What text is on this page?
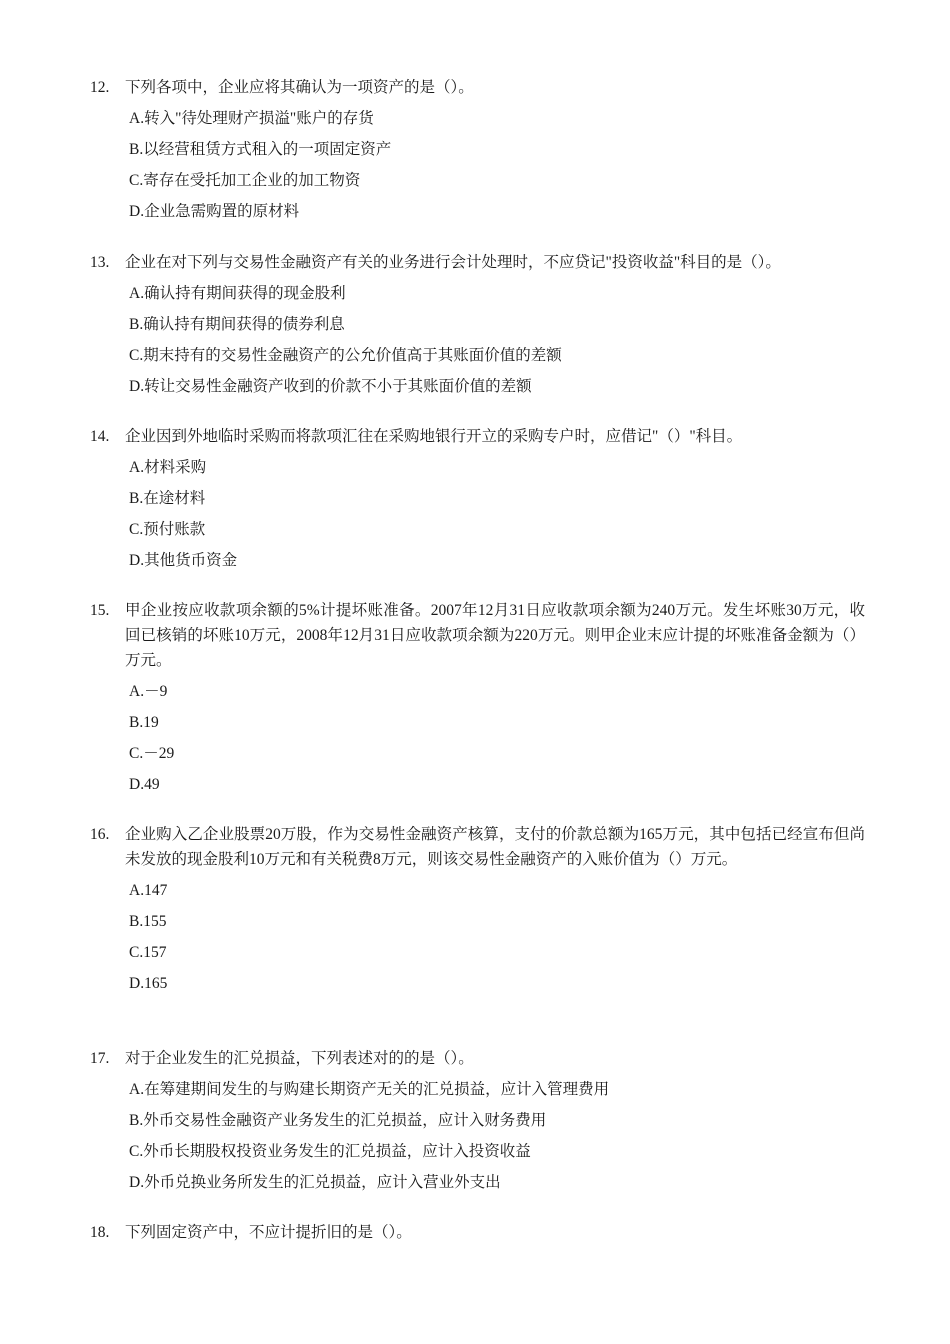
12.	下列各项中，企业应将其确认为一项资产的是（）。
A.转入"待处理财产损溢"账户的存货
B.以经营租赁方式租入的一项固定资产
C.寄存在受托加工企业的加工物资
D.企业急需购置的原材料
13.	企业在对下列与交易性金融资产有关的业务进行会计处理时，不应贷记"投资收益"科目的是（）。
A.确认持有期间获得的现金股利
B.确认持有期间获得的债券利息
C.期末持有的交易性金融资产的公允价值高于其账面价值的差额
D.转让交易性金融资产收到的价款不小于其账面价值的差额
14.	企业因到外地临时采购而将款项汇往在采购地银行开立的采购专户时，应借记"（）"科目。
A.材料采购
B.在途材料
C.预付账款
D.其他货币资金
15.	甲企业按应收款项余额的5%计提坏账准备。2007年12月31日应收款项余额为240万元。发生坏账30万元，收回已核销的坏账10万元，2008年12月31日应收款项余额为220万元。则甲企业末应计提的坏账准备金额为（）万元。
A.－9
B.19
C.－29
D.49
16.	企业购入乙企业股票20万股，作为交易性金融资产核算，支付的价款总额为165万元，其中包括已经宣布但尚未发放的现金股利10万元和有关税费8万元，则该交易性金融资产的入账价值为（）万元。
A.147
B.155
C.157
D.165
17.	对于企业发生的汇兑损益，下列表述对的的是（）。
A.在筹建期间发生的与购建长期资产无关的汇兑损益，应计入管理费用
B.外币交易性金融资产业务发生的汇兑损益，应计入财务费用
C.外币长期股权投资业务发生的汇兑损益，应计入投资收益
D.外币兑换业务所发生的汇兑损益，应计入营业外支出
18.	下列固定资产中，不应计提折旧的是（）。
